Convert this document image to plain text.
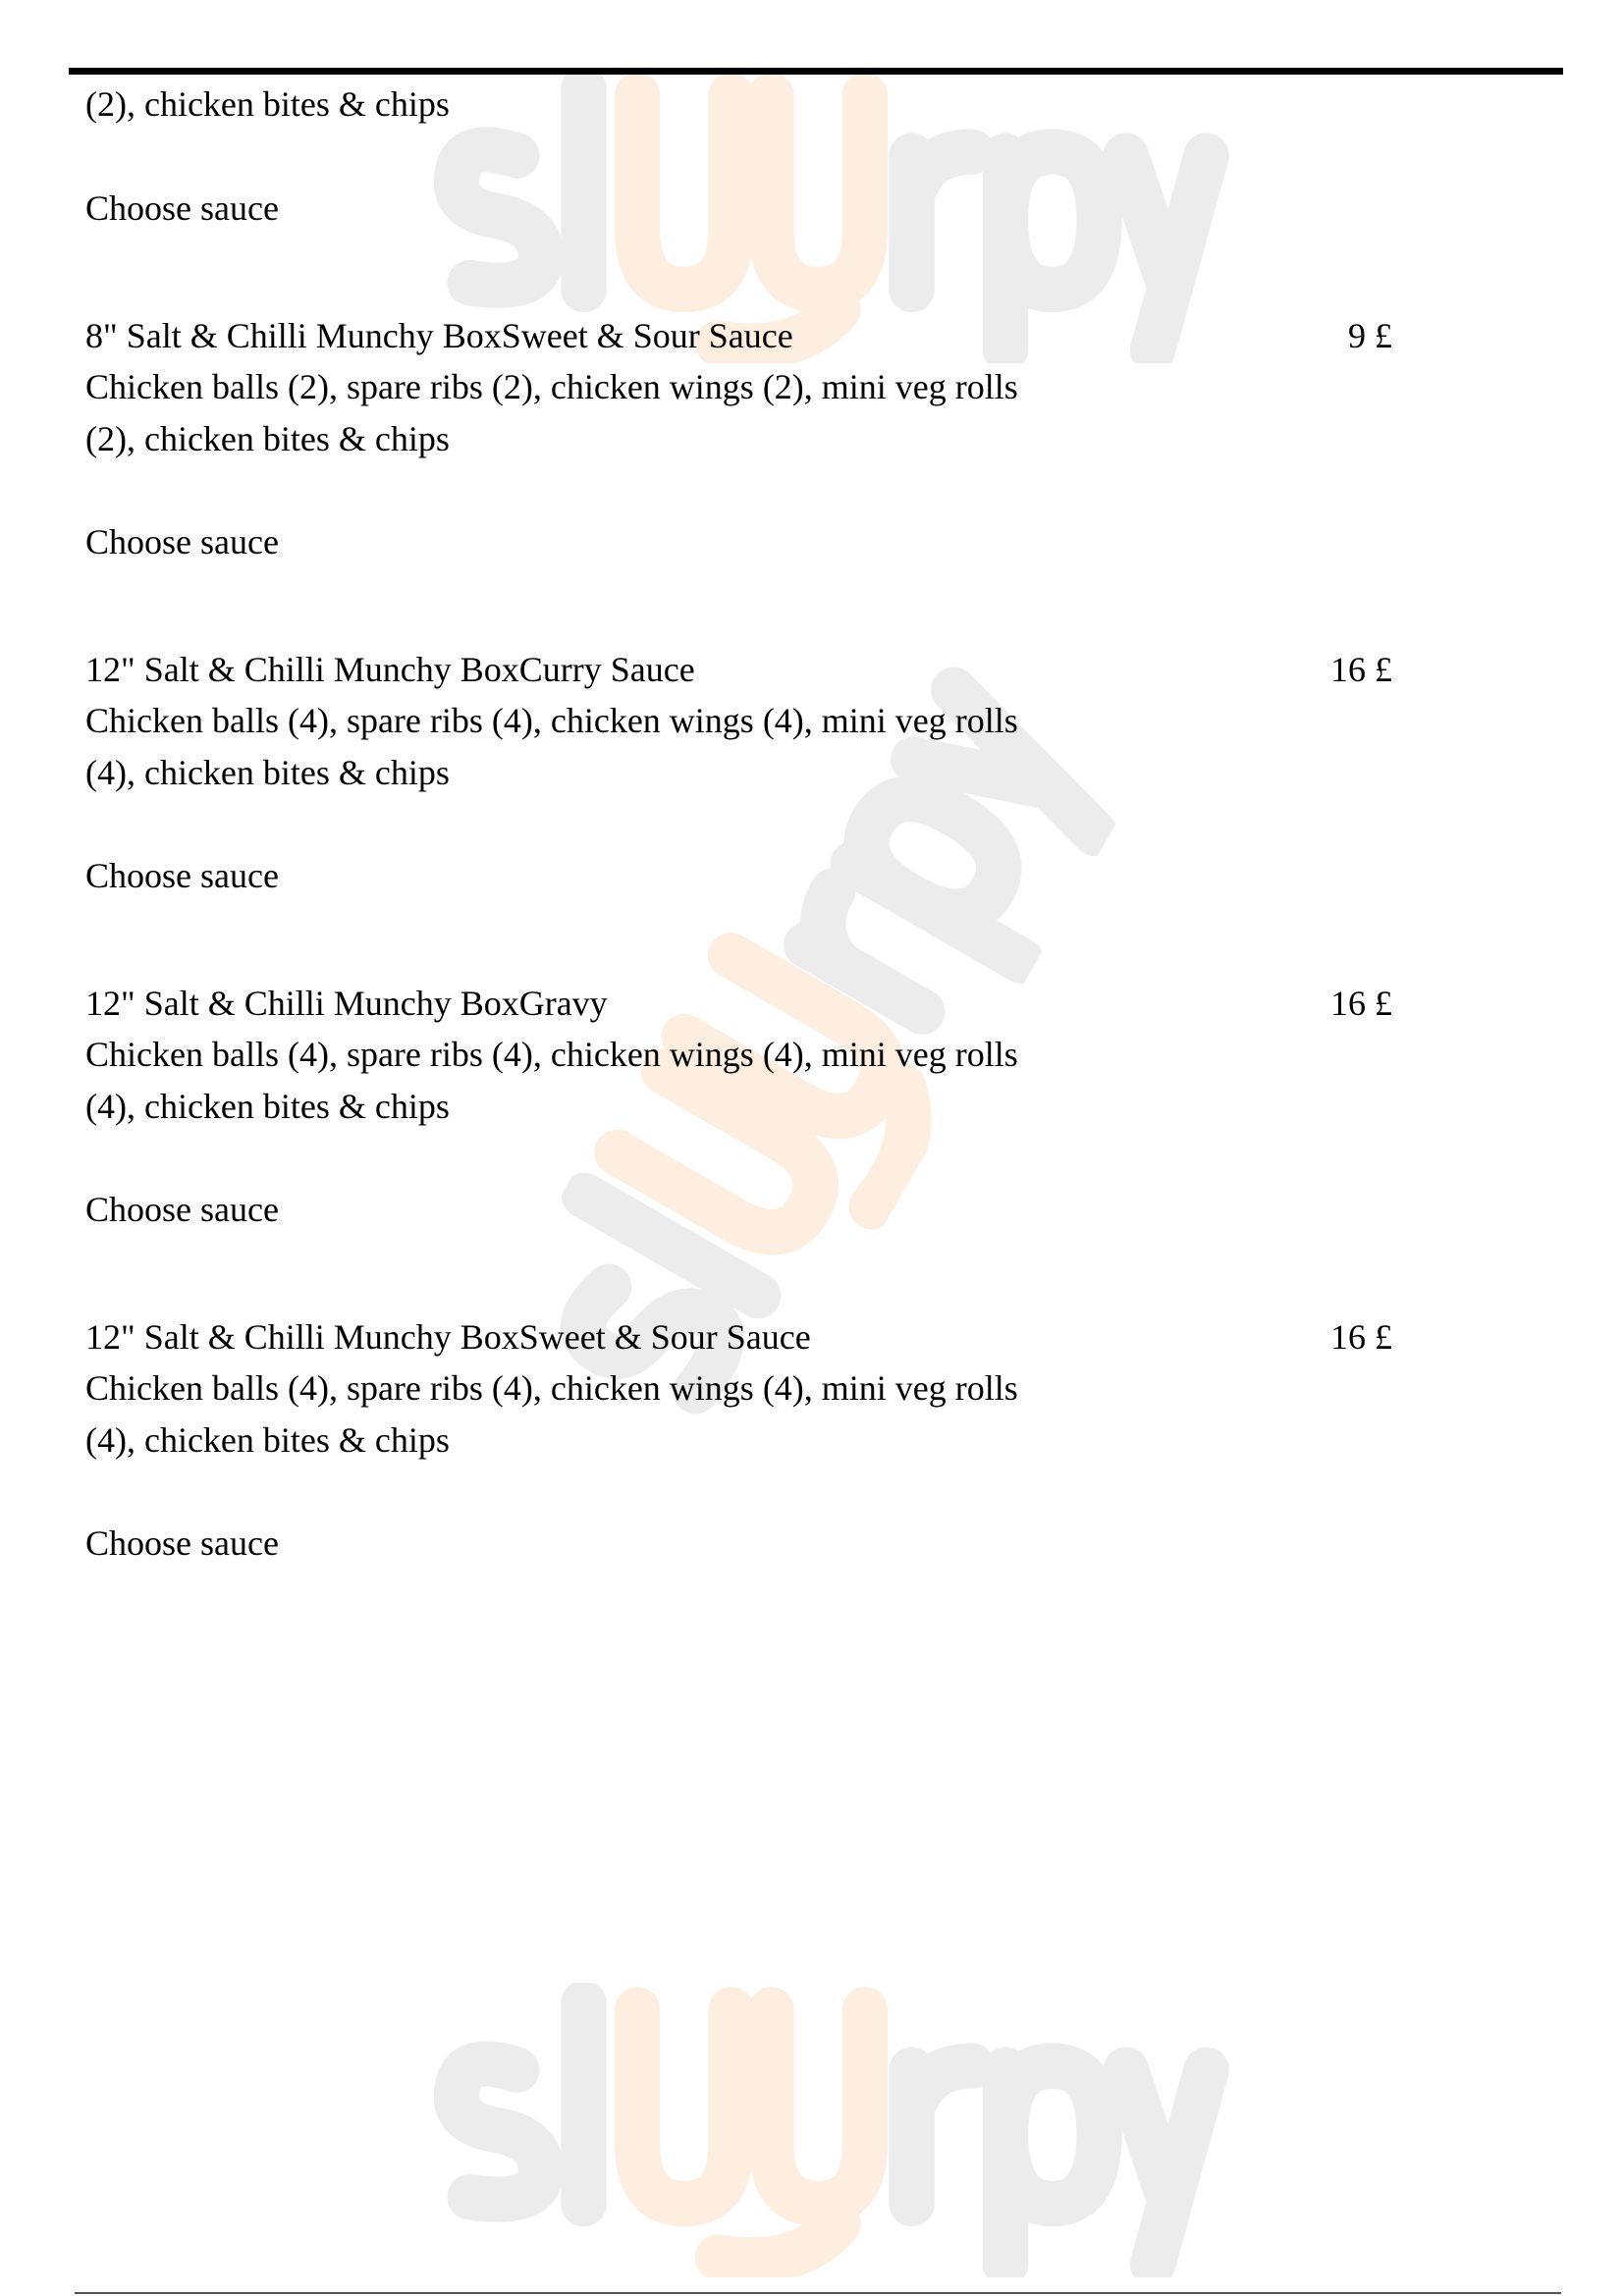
(2), chicken bites & chips
Choose sauce
8" Salt & Chilli Munchy BoxSweet & Sour Sauce	9 £
Chicken balls (2), spare ribs (2), chicken wings (2), mini veg rolls
(2), chicken bites & chips
Choose sauce
12" Salt & Chilli Munchy BoxCurry Sauce	16 £
Chicken balls (4), spare ribs (4), chicken wings (4), mini veg rolls
(4), chicken bites & chips
Choose sauce
12" Salt & Chilli Munchy BoxGravy	16 £
Chicken balls (4), spare ribs (4), chicken wings (4), mini veg rolls
(4), chicken bites & chips
Choose sauce
12" Salt & Chilli Munchy BoxSweet & Sour Sauce	16 £
Chicken balls (4), spare ribs (4), chicken wings (4), mini veg rolls
(4), chicken bites & chips
Choose sauce
